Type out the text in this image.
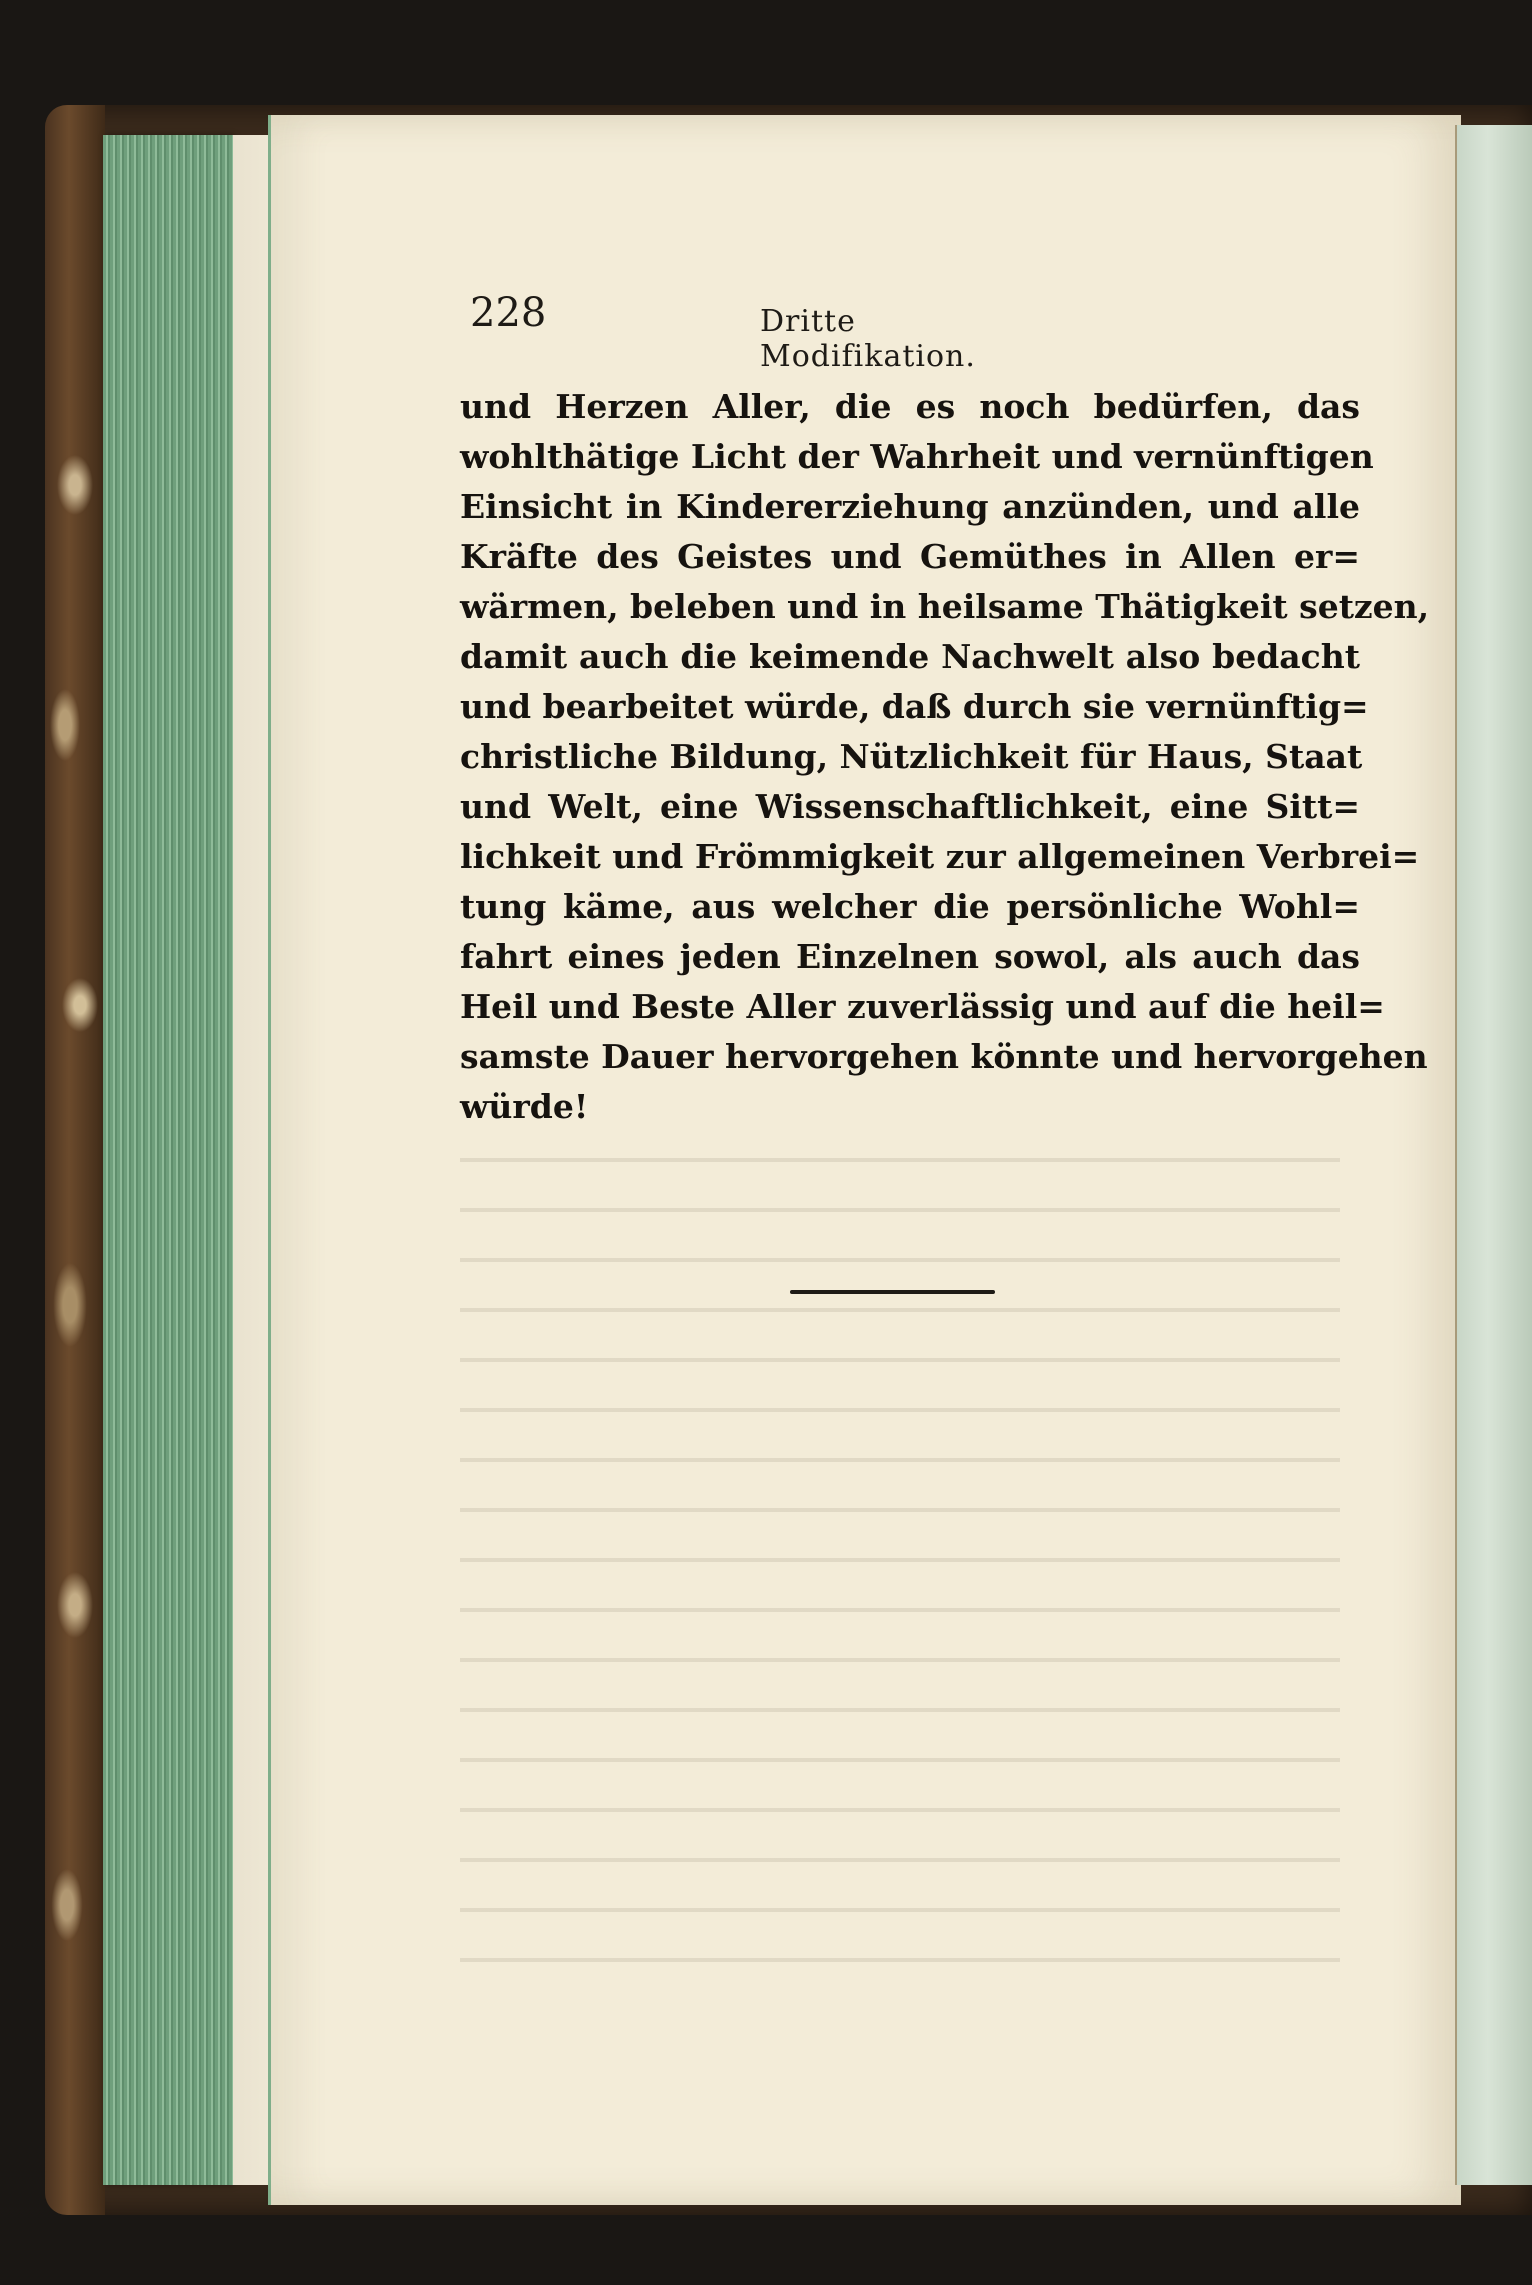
228	Dritte Modifikation.
und Herzen Aller, die es noch bedürfen, das
wohlthätige Licht der Wahrheit und vernünftigen
Einsicht in Kindererziehung anzünden, und alle
Kräfte des Geistes und Gemüthes in Allen er=
wärmen, beleben und in heilsame Thätigkeit setzen,
damit auch die keimende Nachwelt also bedacht
und bearbeitet würde, daß durch sie vernünftig=
christliche Bildung, Nützlichkeit für Haus, Staat
und Welt, eine Wissenschaftlichkeit, eine Sitt=
lichkeit und Frömmigkeit zur allgemeinen Verbrei=
tung käme, aus welcher die persönliche Wohl=
fahrt eines jeden Einzelnen sowol, als auch das
Heil und Beste Aller zuverlässig und auf die heil=
samste Dauer hervorgehen könnte und hervorgehen
würde!
